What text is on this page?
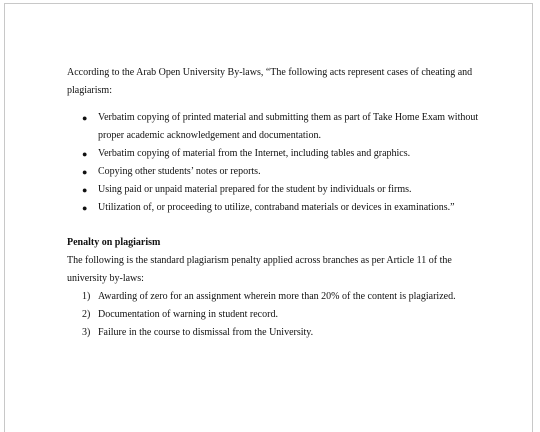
According to the Arab Open University By-laws, “The following acts represent cases of cheating and plagiarism:

● Verbatim copying of printed material and submitting them as part of Take Home Exam without proper academic acknowledgement and documentation.
● Verbatim copying of material from the Internet, including tables and graphics.
● Copying other students’ notes or reports.
● Using paid or unpaid material prepared for the student by individuals or firms.
● Utilization of, or proceeding to utilize, contraband materials or devices in examinations.”

Penalty on plagiarism

The following is the standard plagiarism penalty applied across branches as per Article 11 of the university by-laws:

1) Awarding of zero for an assignment wherein more than 20% of the content is plagiarized.
2) Documentation of warning in student record.
3) Failure in the course to dismissal from the University.
